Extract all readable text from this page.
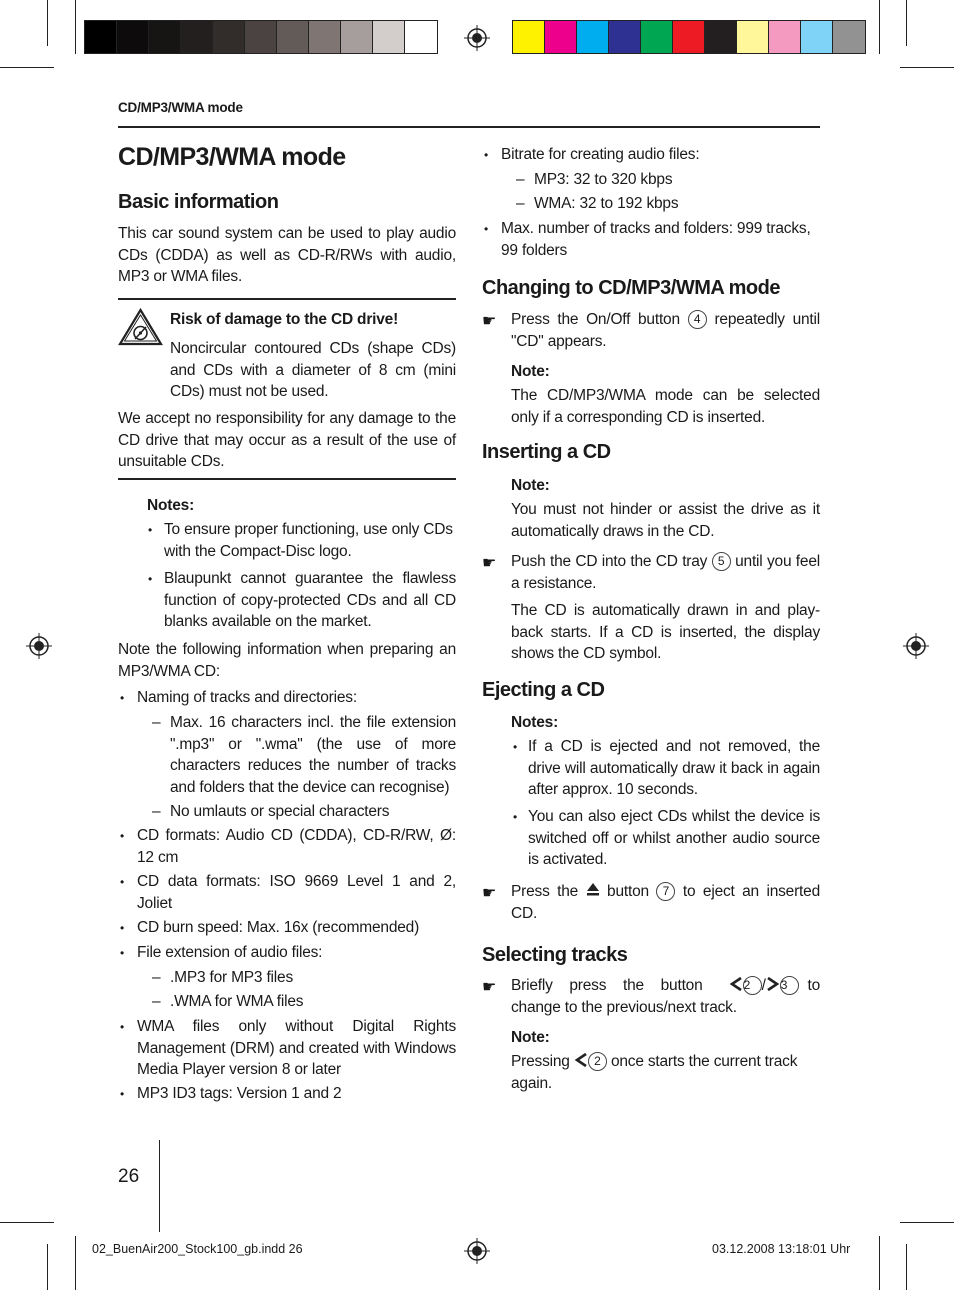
CD/MP3/WMA mode
CD/MP3/WMA mode
Basic information
This car sound system can be used to play audio CDs (CDDA) as well as CD-R/RWs with audio, MP3 or WMA files.
Risk of damage to the CD drive!
Noncircular contoured CDs (shape CDs) and CDs with a diameter of 8 cm (mini CDs) must not be used.
We accept no responsibility for any damage to the CD drive that may occur as a result of the use of unsuitable CDs.
Notes:
• To ensure proper functioning, use only CDs with the Compact-Disc logo.
• Blaupunkt cannot guarantee the flawless function of copy-protected CDs and all CD blanks available on the market.
Note the following information when preparing an MP3/WMA CD:
• Naming of tracks and directories:
– Max. 16 characters incl. the file extension ".mp3" or ".wma" (the use of more characters reduces the number of tracks and folders that the device can recognise)
– No umlauts or special characters
• CD formats: Audio CD (CDDA), CD-R/RW, Ø: 12 cm
• CD data formats: ISO 9669 Level 1 and 2, Joliet
• CD burn speed: Max. 16x (recommended)
• File extension of audio files:
– .MP3 for MP3 files
– .WMA for WMA files
• WMA files only without Digital Rights Management (DRM) and created with Windows Media Player version 8 or later
• MP3 ID3 tags: Version 1 and 2
• Bitrate for creating audio files:
– MP3: 32 to 320 kbps
– WMA: 32 to 192 kbps
• Max. number of tracks and folders: 999 tracks, 99 folders
Changing to CD/MP3/WMA mode
☛ Press the On/Off button 4 repeatedly until "CD" appears.
Note:
The CD/MP3/WMA mode can be selected only if a corresponding CD is inserted.
Inserting a CD
Note:
You must not hinder or assist the drive as it automatically draws in the CD.
☛ Push the CD into the CD tray 5 until you feel a resistance.
The CD is automatically drawn in and play-back starts. If a CD is inserted, the display shows the CD symbol.
Ejecting a CD
Notes:
• If a CD is ejected and not removed, the drive will automatically draw it back in again after approx. 10 seconds.
• You can also eject CDs whilst the device is switched off or whilst another audio source is activated.
☛ Press the button 7 to eject an inserted CD.
Selecting tracks
☛ Briefly press the button	2 / 3 to change to the previous/next track.
Note:
Pressing 2 once starts the current track again.
26
02_BuenAir200_Stock100_gb.indd 26	03.12.2008 13:18:01 Uhr
